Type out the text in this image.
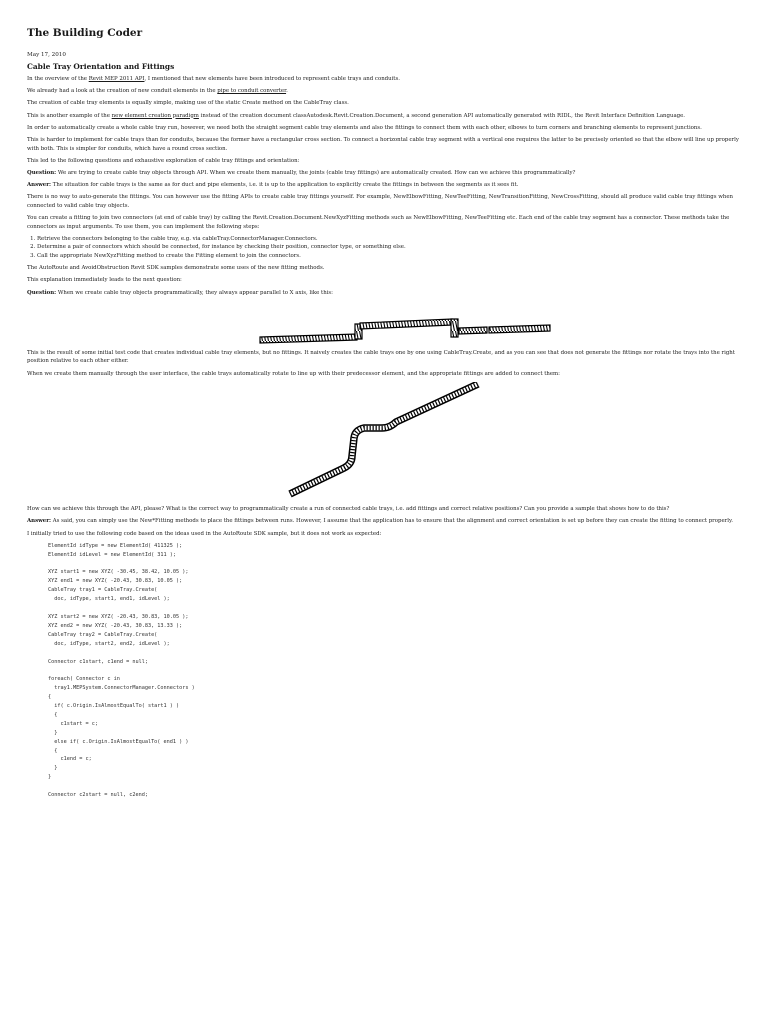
The Building Coder
May 17, 2010
Cable Tray Orientation and Fittings

In the overview of the Revit MEP 2011 API, I mentioned that new elements have been introduced to represent cable trays and conduits.

We already had a look at the creation of new conduit elements in the pipe to conduit converter.

The creation of cable tray elements is equally simple, making use of the static Create method on the CableTray class.

This is another example of the new element creation paradigm instead of the creation document classAutodesk.Revit.Creation.Document, a second generation API automatically generated with RIDL, the Revit Interface Definition Language.

In order to automatically create a whole cable tray run, however, we need both the straight segment cable tray elements and also the fittings to connect them with each other, elbows to turn corners and branching elements to represent junctions.

This is harder to implement for cable trays than for conduits, because the former have a rectangular cross section. To connect a horizontal cable tray segment with a vertical one requires the latter to be precisely oriented so that the elbow will line up properly with both. This is simpler for conduits, which have a round cross section.

This led to the following questions and exhaustive exploration of cable tray fittings and orientation:

Question: We are trying to create cable tray objects through API. When we create them manually, the joints (cable tray fittings) are automatically created. How can we achieve this programmatically?

Answer: The situation for cable trays is the same as for duct and pipe elements, i.e. it is up to the application to explicitly create the fittings in between the segments as it sees fit.

There is no way to auto-generate the fittings. You can however use the fitting APIs to create cable tray fittings yourself. For example, NewElbowFitting, NewTeeFitting, NewTransitionFitting, NewCrossFitting, should all produce valid cable tray fittings when connected to valid cable tray objects.

You can create a fitting to join two connectors (at end of cable tray) by calling the Revit.Creation.Document.NewXyzFitting methods such as NewElbowFitting, NewTeeFitting etc. Each end of the cable tray segment has a connector. These methods take the connectors as input arguments. To use them, you can implement the following steps:

1. Retrieve the connectors belonging to the cable tray, e.g. via cableTray.ConnectorManager.Connectors.
2. Determine a pair of connectors which should be connected, for instance by checking their position, connector type, or something else.
3. Call the appropriate NewXyzFitting method to create the Fitting element to join the connectors.

The AutoRoute and AvoidObstruction Revit SDK samples demonstrate some uses of the new fitting methods.

This explanation immediately leads to the next question:

Question: When we create cable tray objects programmatically, they always appear parallel to X axis, like this:

This is the result of some initial test code that creates individual cable tray elements, but no fittings. It naively creates the cable trays one by one using CableTray.Create, and as you can see that does not generate the fittings nor rotate the trays into the right position relative to each other either.

When we create them manually through the user interface, the cable trays automatically rotate to line up with their predecessor element, and the appropriate fittings are added to connect them:

How can we achieve this through the API, please? What is the correct way to programmatically create a run of connected cable trays, i.e. add fittings and correct relative positions? Can you provide a sample that shows how to do this?

Answer: As said, you can simply use the New*Fitting methods to place the fittings between runs. However, I assume that the application has to ensure that the alignment and correct orientation is set up before they can create the fitting to connect properly.

I initially tried to use the following code based on the ideas used in the AutoRoute SDK sample, but it does not work as expected:

ElementId idType = new ElementId( 411325 );
ElementId idLevel = new ElementId( 311 );

XYZ start1 = new XYZ( -30.45, 38.42, 10.05 );
XYZ end1 = new XYZ( -20.43, 30.83, 10.05 );
CableTray tray1 = CableTray.Create(
doc, idType, start1, end1, idLevel );

XYZ start2 = new XYZ( -20.43, 30.83, 10.05 );
XYZ end2 = new XYZ( -20.43, 30.83, 13.33 );
CableTray tray2 = CableTray.Create(
doc, idType, start2, end2, idLevel );

Connector c1start, c1end = null;

foreach( Connector c in
tray1.MEPSystem.ConnectorManager.Connectors )
{
if( c.Origin.IsAlmostEqualTo( start1 ) )
{
c1start = c;
}
else if( c.Origin.IsAlmostEqualTo( end1 ) )
{
c1end = c;
}
}

Connector c2start = null, c2end;
